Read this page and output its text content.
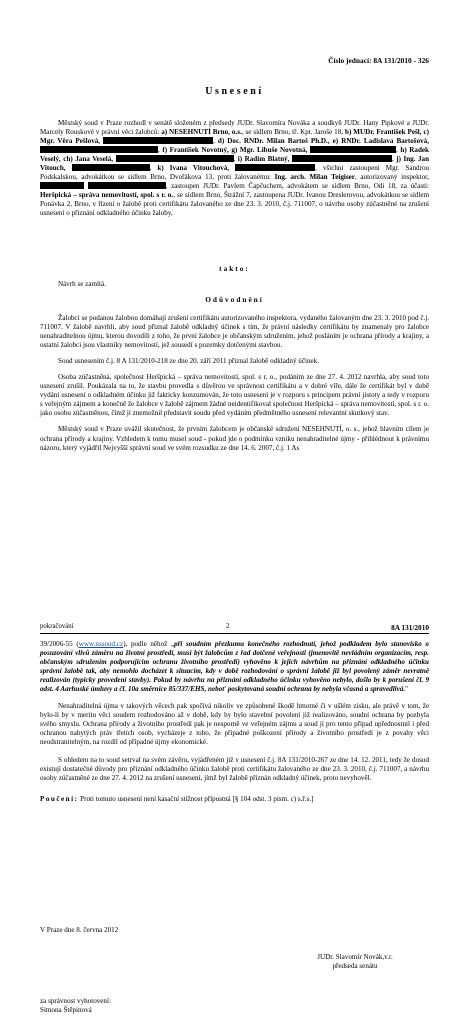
Číslo jednací: 8A 131/2010 - 326
Usnesení

Městský soud v Praze rozhodl v senátě složeném z předsedy JUDr. Slavomíra Nováka a soudkyň JUDr. Hany Pipkové a JUDr. Marcely Rouskové v právní věci žalobců: a) NESEHNUTÍ Brno, o.s., se sídlem Brno, tř. Kpt. Jaroše 18, b) MUDr. František Pešl, c) Mgr. Věra Pešlová,	, d) Doc. RNDr. Milan Bartoš Ph.D., e) RNDr. Ladislava Bartošová, , f) František Novotný, g) Mgr. Libuše Novotná,	, h) Radek Veselý, ch) Jana Veselá,	, i) Radim Blatný,	, j) Ing. Jan Vitouch,	, k) Ivana Vitouchová,	, všichni zastoupeni Mgr. Sandrou Podskalskou, advokátkou se sídlem Brno, Dvořákova 13, proti žalovanému: Ing. arch. Milan Teigiser, autorizovaný inspektor,  , zastoupen JUDr. Pavlem Čapčuchem, advokátem se sídlem Brno, Odi 18, za účasti: Heršpická – správa nemovitostí, spol. s r. o., se sídlem Brno, Štrážní 7, zastoupena JUDr. Ivanou Dreslerovou, advokátkou se sídlem Ponávka 2, Brno, v řízení o žalobě proti certifikátu žalovaného ze dne 23. 3. 2010, č.j. 711007, o návrhu osoby zúčastněné na zrušení usnesení o přiznání odkladného účinku žaloby,

takto:

Návrh se zamítá.

Odůvodnění

Žalobci se podanou žalobou domáhají zrušení certifikátu autorizovaného inspektora, vydaného žalovaným dne 23. 3. 2010 pod č.j. 711007. V žalobě navrhli, aby soud přiznal žalobě odkladný účinek s tím, že právní následky certifikátu by znamenaly pro žalobce nenahraditelnou újmu, kterou dovodili z toho, že první žalobce je občanským sdružením, jehož posláním je ochrana přírody a krajiny, a ostatní žalobci jsou vlastníky nemovitostí, jež sousedí s pozemky dotčenými stavbou.

Soud usnesením č.j. 8 A 131/2010-218 ze dne 20. září 2011 přiznal žalobě odkladný účinek.

Osoba zúčastněná, společnost Heršpická – správa nemovitostí, spol. s r. o., podáním ze dne 27. 4. 2012 navrhla, aby soud toto usnesení zrušil. Poukázala na to, že stavbu provedla s důvěrou ve správnost certifikátu a v dobré víře, dále že certifikát byl v době vydání usnesení o odkladném účinku již fakticky konzumován, že toto usnesení je v rozporu s principem právní jistoty a tedy v rozporu s veřejným zájmem a konečně že žalobce v žalobě zájmem žádné neidentifikoval společnost Heršpická – správa nemovitostí, spol. s r. o. jako osobu zúčastněnou, čímž jí znemožnil představit soudu před vydáním předmětného usnesení relevantní skutkový stav.

Městský soud v Praze uvážil skutečnost, že prvním žalobcem je občanské sdružení NESEHNUTÍ, o. s., jehož hlavním cílem je ochrana přírody a krajiny. Vzhledem k tomu musel soud - pokud jde o podmínku vzniku nenahraditelné újmy - přihlédnout k právnímu názoru, který vyjádřil Nejvyšší správní soud ve svém rozsudku ze dne 14. 6. 2007, č.j. 1 As

pokračování	2	8A 131/2010

39/2006-55 (www.nssoud.cz), podle něhož „při soudním přezkumu konečného rozhodnutí, jehož podkladem bylo stanovisko o posuzování vlivů záměru na životní prostředí, musí být žalobcům z řad dotčené veřejnosti (jmenovitě nevládním organizacím, resp. občanským sdružením podporujícím ochranu životního prostředí) vyhověno k jejich návrhům na přiznání odkladného účinku správní žalobě tak, aby nemohlo docházet k situacím, kdy v době rozhodování o správní žalobě již byl povolený záměr nevratně realizován (typicky provedení stavby). Pokud by návrhu na přiznání odkladného účinku vyhověno nebylo, došlo by k porušení čl. 9 odst. 4 Aarhuské úmluvy a čl. 10a směrnice 85/337/EHS, neboť poskytovaná soudní ochrana by nebyla včasná a spravedlivá."

Nenahraditelná újma v takových věcech pak spočívá nikoliv ve způsobené škodě hmotné či v ušlém zisku, ale právě v tom, že bylo-li by v meritu věci soudem rozhodováno až v době, kdy by bylo stavební povolení již realizováno, soudní ochrana by pozbyla svého smyslu. Ochrana přírody a životního prostředí pak je nesporně ve veřejném zájmu a soud jí pro tento případ upřednostnil i před ochranou nabytých práv třetích osob, vycházeje z toho, že případné poškození přírody a životního prostředí je z povahy věci neodstranitelným, na rozdíl od případné újmy ekonomické.

S ohledem na to soud setrval na svém závěru, vyjádřeném již v usnesení č.j. 8A 131/2010-267 ze dne 14. 12. 2011, tedy že dosud existují dostatečné důvody pro přiznání odkladného účinku žalobě proti certifikátu žalovaného ze dne 23. 3. 2010, č.j. 711007, a návrhu osoby zúčastněné ze dne 27. 4. 2012 na zrušení usnesení, jímž byl žalobě přiznán odkladný účinek, proto nevyhověl.

Poučení: Proti tomuto usnesení není kasační stížnost přípustná [§ 104 odst. 3 písm. c) s.ř.s.]

V Praze dne 8. června 2012
JUDr. Slavomír Novák,v.r.
předseda senátu
za správnost vyhotovení:
Simona Štěpinová
